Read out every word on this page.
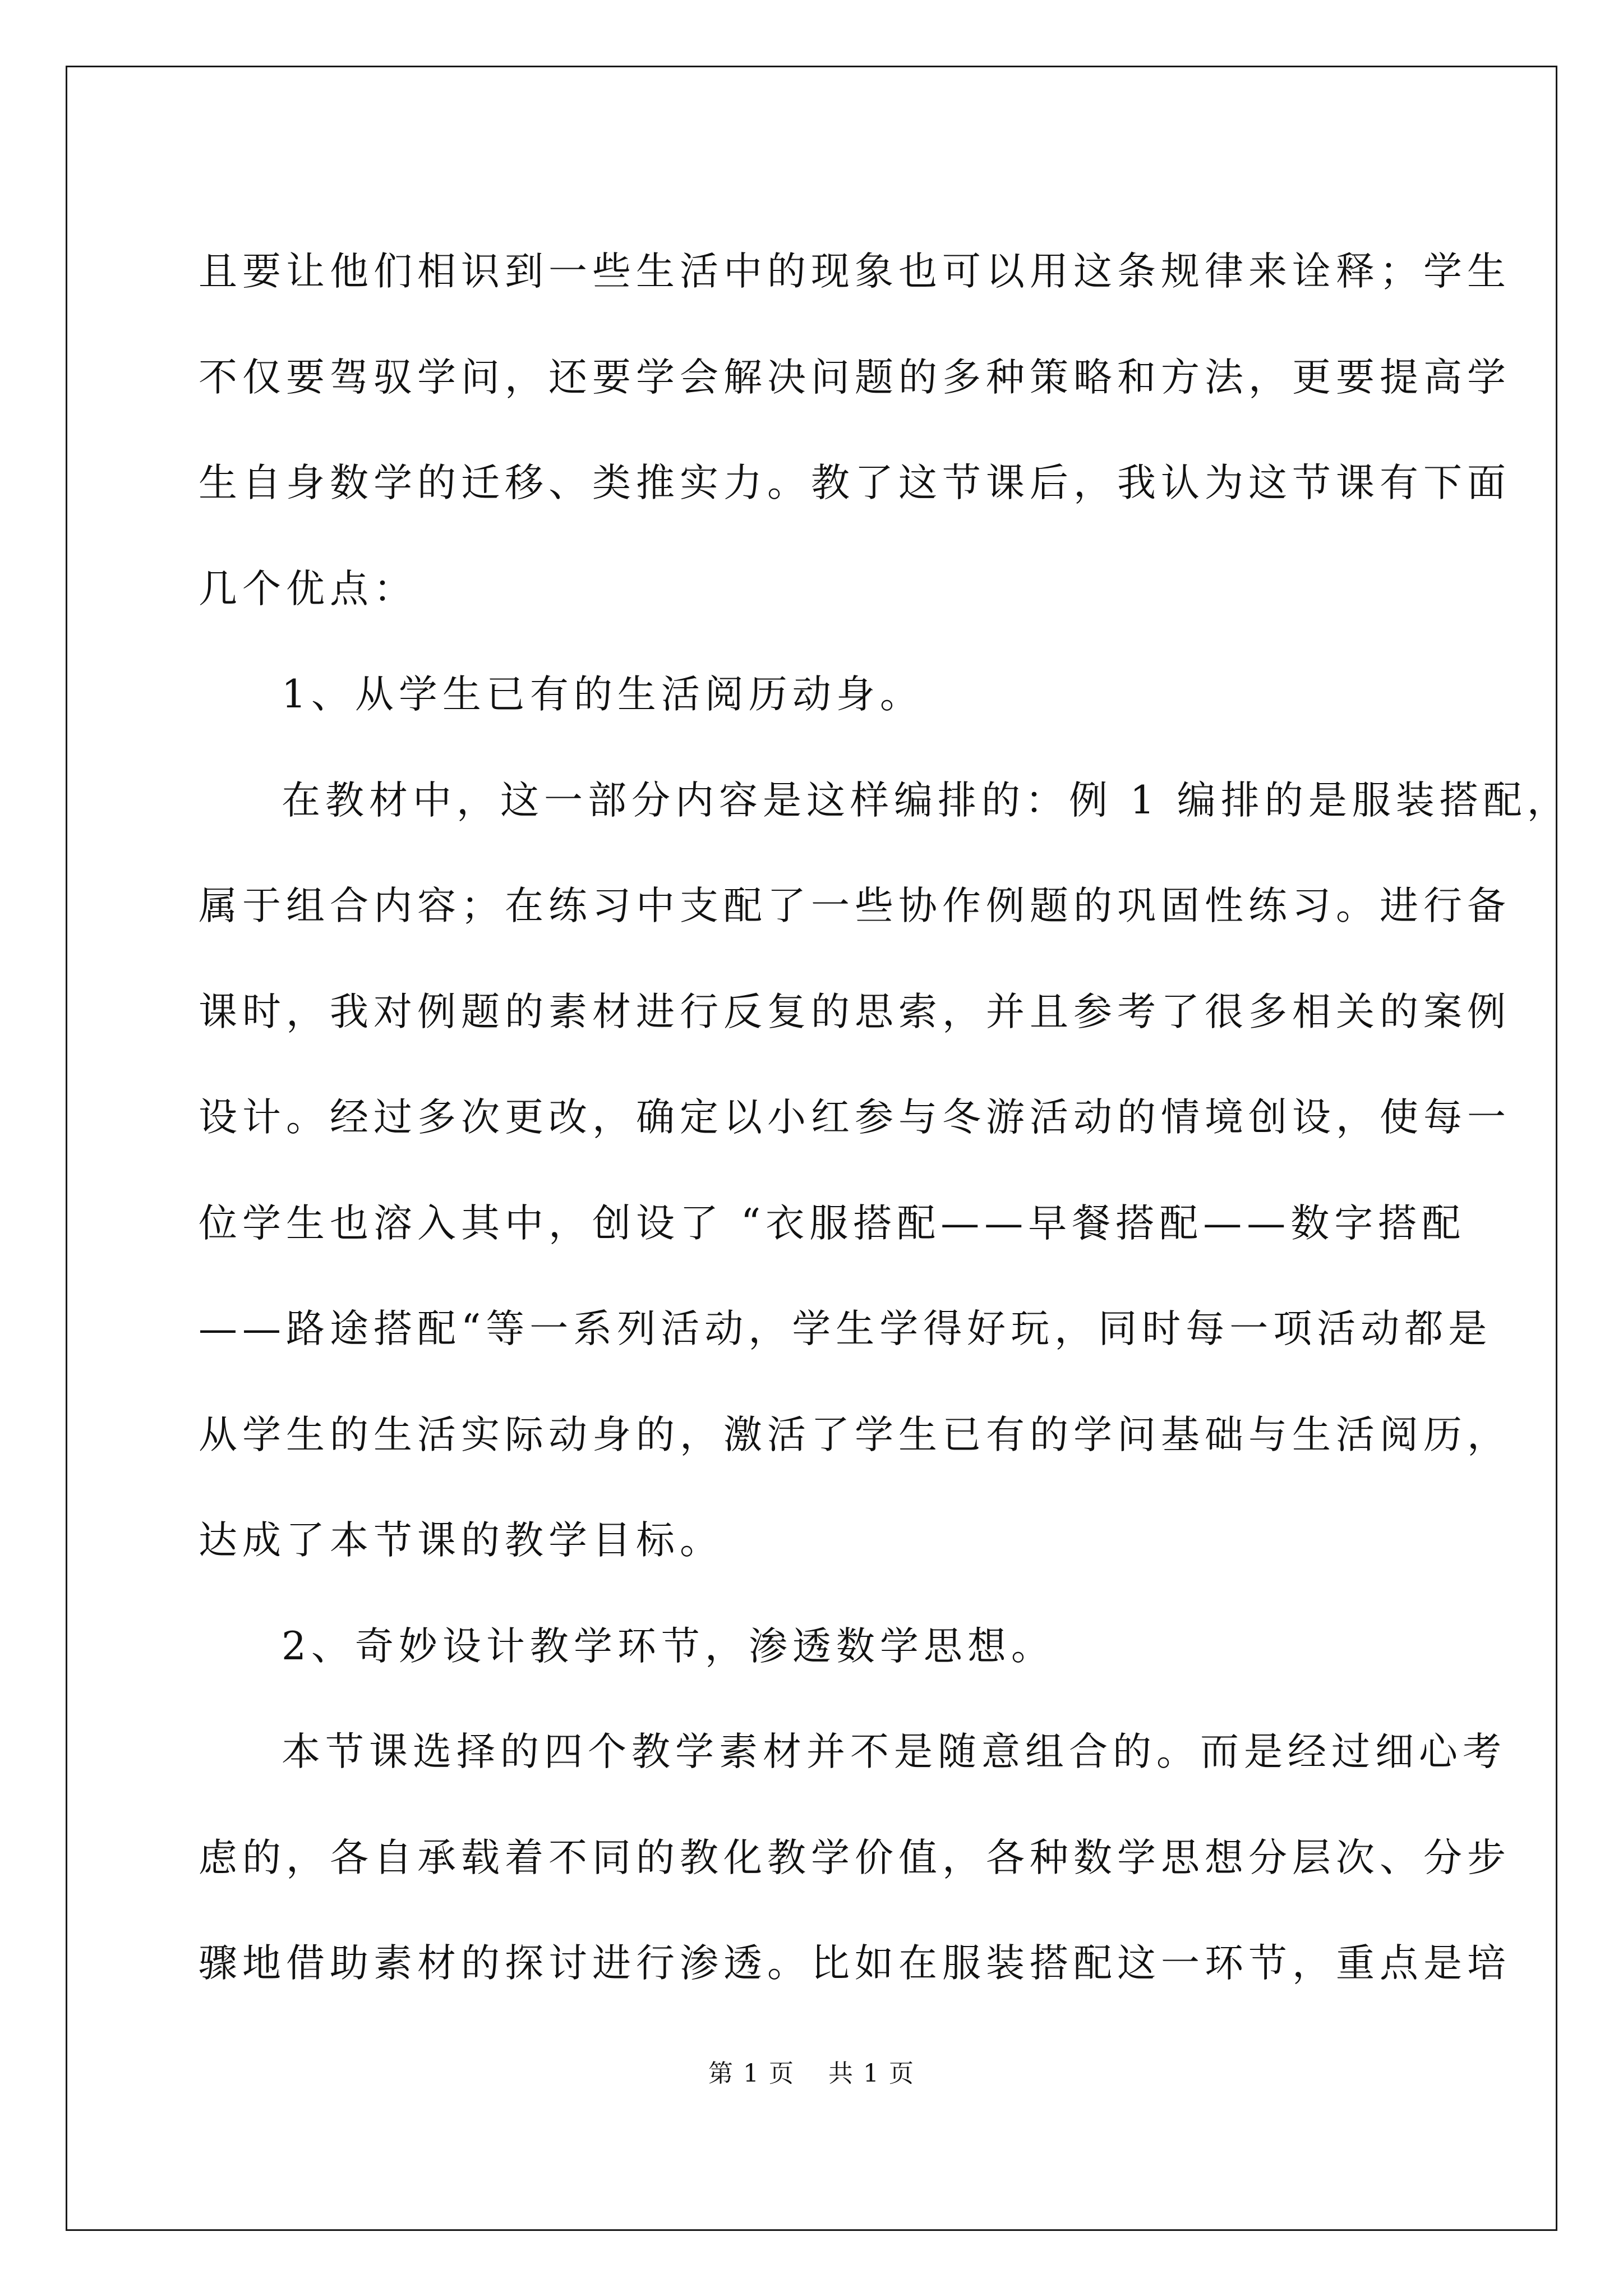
且要让他们相识到一些生活中的现象也可以用这条规律来诠释；学生
不仅要驾驭学问，还要学会解决问题的多种策略和方法，更要提高学
生自身数学的迁移、类推实力。教了这节课后，我认为这节课有下面
几个优点：
1、从学生已有的生活阅历动身。
在教材中，这一部分内容是这样编排的：例 1 编排的是服装搭配，
属于组合内容；在练习中支配了一些协作例题的巩固性练习。进行备
课时，我对例题的素材进行反复的思索，并且参考了很多相关的案例
设计。经过多次更改，确定以小红参与冬游活动的情境创设，使每一
位学生也溶入其中，创设了 “衣服搭配——早餐搭配——数字搭配
——路途搭配“等一系列活动，学生学得好玩，同时每一项活动都是
从学生的生活实际动身的，激活了学生已有的学问基础与生活阅历，
达成了本节课的教学目标。
2、奇妙设计教学环节，渗透数学思想。
本节课选择的四个教学素材并不是随意组合的。而是经过细心考
虑的，各自承载着不同的教化教学价值，各种数学思想分层次、分步
骤地借助素材的探讨进行渗透。比如在服装搭配这一环节，重点是培
第 1 页 共 1 页
